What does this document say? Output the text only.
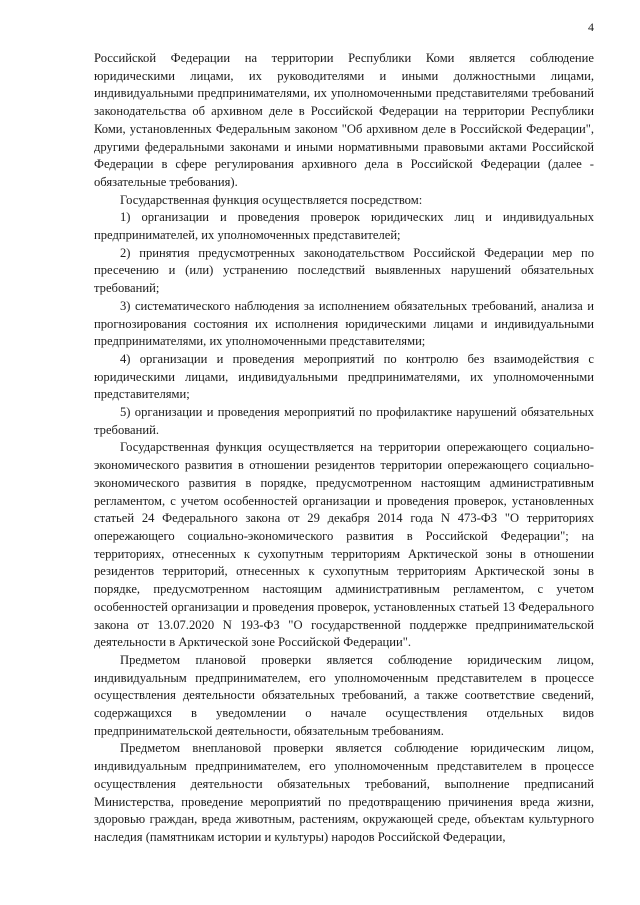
4

Российской Федерации на территории Республики Коми является соблюдение юридическими лицами, их руководителями и иными должностными лицами, индивидуальными предпринимателями, их уполномоченными представителями требований законодательства об архивном деле в Российской Федерации на территории Республики Коми, установленных Федеральным законом "Об архивном деле в Российской Федерации", другими федеральными законами и иными нормативными правовыми актами Российской Федерации в сфере регулирования архивного дела в Российской Федерации (далее - обязательные требования).

Государственная функция осуществляется посредством:

1) организации и проведения проверок юридических лиц и индивидуальных предпринимателей, их уполномоченных представителей;

2) принятия предусмотренных законодательством Российской Федерации мер по пресечению и (или) устранению последствий выявленных нарушений обязательных требований;

3) систематического наблюдения за исполнением обязательных требований, анализа и прогнозирования состояния их исполнения юридическими лицами и индивидуальными предпринимателями, их уполномоченными представителями;

4) организации и проведения мероприятий по контролю без взаимодействия с юридическими лицами, индивидуальными предпринимателями, их уполномоченными представителями;

5) организации и проведения мероприятий по профилактике нарушений обязательных требований.

Государственная функция осуществляется на территории опережающего социально-экономического развития в отношении резидентов территории опережающего социально-экономического развития в порядке, предусмотренном настоящим административным регламентом, с учетом особенностей организации и проведения проверок, установленных статьей 24 Федерального закона от 29 декабря 2014 года N 473-ФЗ "О территориях опережающего социально-экономического развития в Российской Федерации"; на территориях, отнесенных к сухопутным территориям Арктической зоны в отношении резидентов территорий, отнесенных к сухопутным территориям Арктической зоны в порядке, предусмотренном настоящим административным регламентом, с учетом особенностей организации и проведения проверок, установленных статьей 13 Федерального закона от 13.07.2020 N 193-ФЗ "О государственной поддержке предпринимательской деятельности в Арктической зоне Российской Федерации".

Предметом плановой проверки является соблюдение юридическим лицом, индивидуальным предпринимателем, его уполномоченным представителем в процессе осуществления деятельности обязательных требований, а также соответствие сведений, содержащихся в уведомлении о начале осуществления отдельных видов предпринимательской деятельности, обязательным требованиям.

Предметом внеплановой проверки является соблюдение юридическим лицом, индивидуальным предпринимателем, его уполномоченным представителем в процессе осуществления деятельности обязательных требований, выполнение предписаний Министерства, проведение мероприятий по предотвращению причинения вреда жизни, здоровью граждан, вреда животным, растениям, окружающей среде, объектам культурного наследия (памятникам истории и культуры) народов Российской Федерации,
